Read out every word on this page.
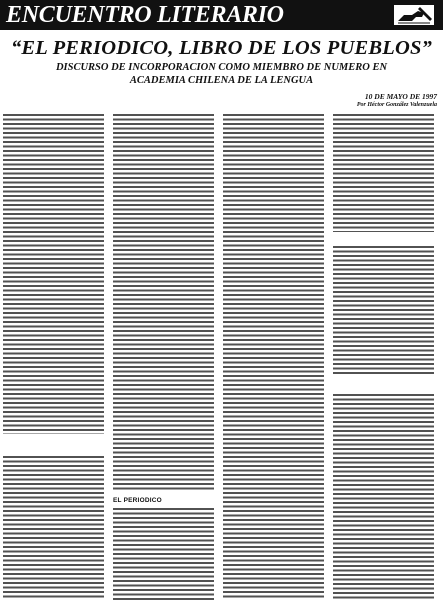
ENCUENTRO LITERARIO
“EL PERIODICO, LIBRO DE LOS PUEBLOS”
DISCURSO DE INCORPORACION COMO MIEMBRO DE NUMERO EN ACADEMIA CHILENA DE LA LENGUA
10 DE MAYO DE 1997
Por Héctor González Valenzuela
EL PERIODICO
